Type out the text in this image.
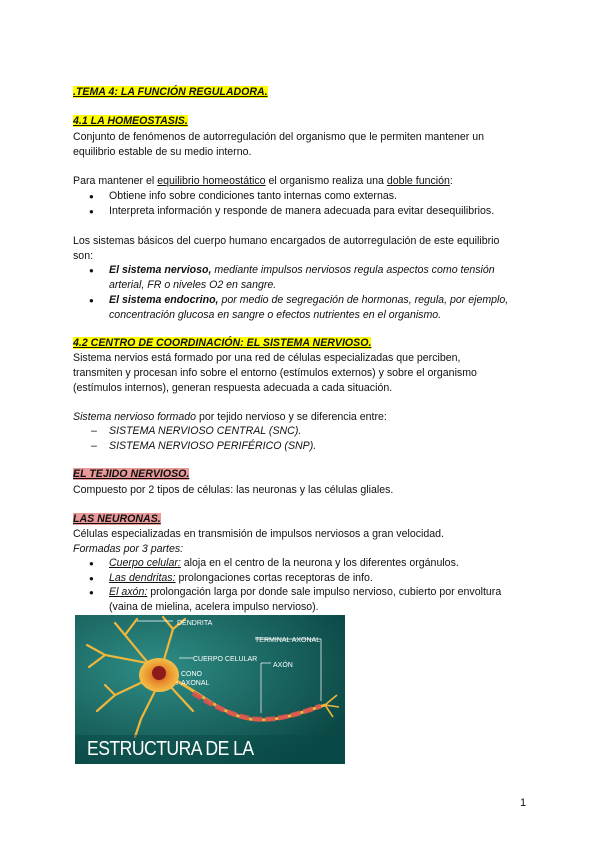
.TEMA 4: LA FUNCIÓN REGULADORA.
4.1 LA HOMEOSTASIS.
Conjunto de fenómenos de autorregulación del organismo que le permiten mantener un
equilibrio estable de su medio interno.
Para mantener el equilibrio homeostático el organismo realiza una doble función:
● Obtiene info sobre condiciones tanto internas como externas.
● Interpreta información y responde de manera adecuada para evitar desequilibrios.
Los sistemas básicos del cuerpo humano encargados de autorregulación de este equilibrio
son:
● El sistema nervioso, mediante impulsos nerviosos regula aspectos como tensión
arterial, FR o niveles O2 en sangre.
● El sistema endocrino, por medio de segregación de hormonas, regula, por ejemplo,
concentración glucosa en sangre o efectos nutrientes en el organismo.
4.2 CENTRO DE COORDINACIÓN: EL SISTEMA NERVIOSO.
Sistema nervios está formado por una red de células especializadas que perciben,
transmiten y procesan info sobre el entorno (estímulos externos) y sobre el organismo
(estímulos internos), generan respuesta adecuada a cada situación.
Sistema nervioso formado por tejido nervioso y se diferencia entre:
– SISTEMA NERVIOSO CENTRAL (SNC).
– SISTEMA NERVIOSO PERIFÉRICO (SNP).
EL TEJIDO NERVIOSO.
Compuesto por 2 tipos de células: las neuronas y las células gliales.
LAS NEURONAS.
Células especializadas en transmisión de impulsos nerviosos a gran velocidad.
Formadas por 3 partes:
● Cuerpo celular: aloja en el centro de la neurona y los diferentes orgánulos.
● Las dendritas: prolongaciones cortas receptoras de info.
● El axón: prolongación larga por donde sale impulso nervioso, cubierto por envoltura
(vaina de mielina, acelera impulso nervioso).
DENDRITA
TERMINAL AXONAL
CUERPO CELULAR
AXÓN
CONO
AXONAL
ESTRUCTURA DE LA NEURONA
1
